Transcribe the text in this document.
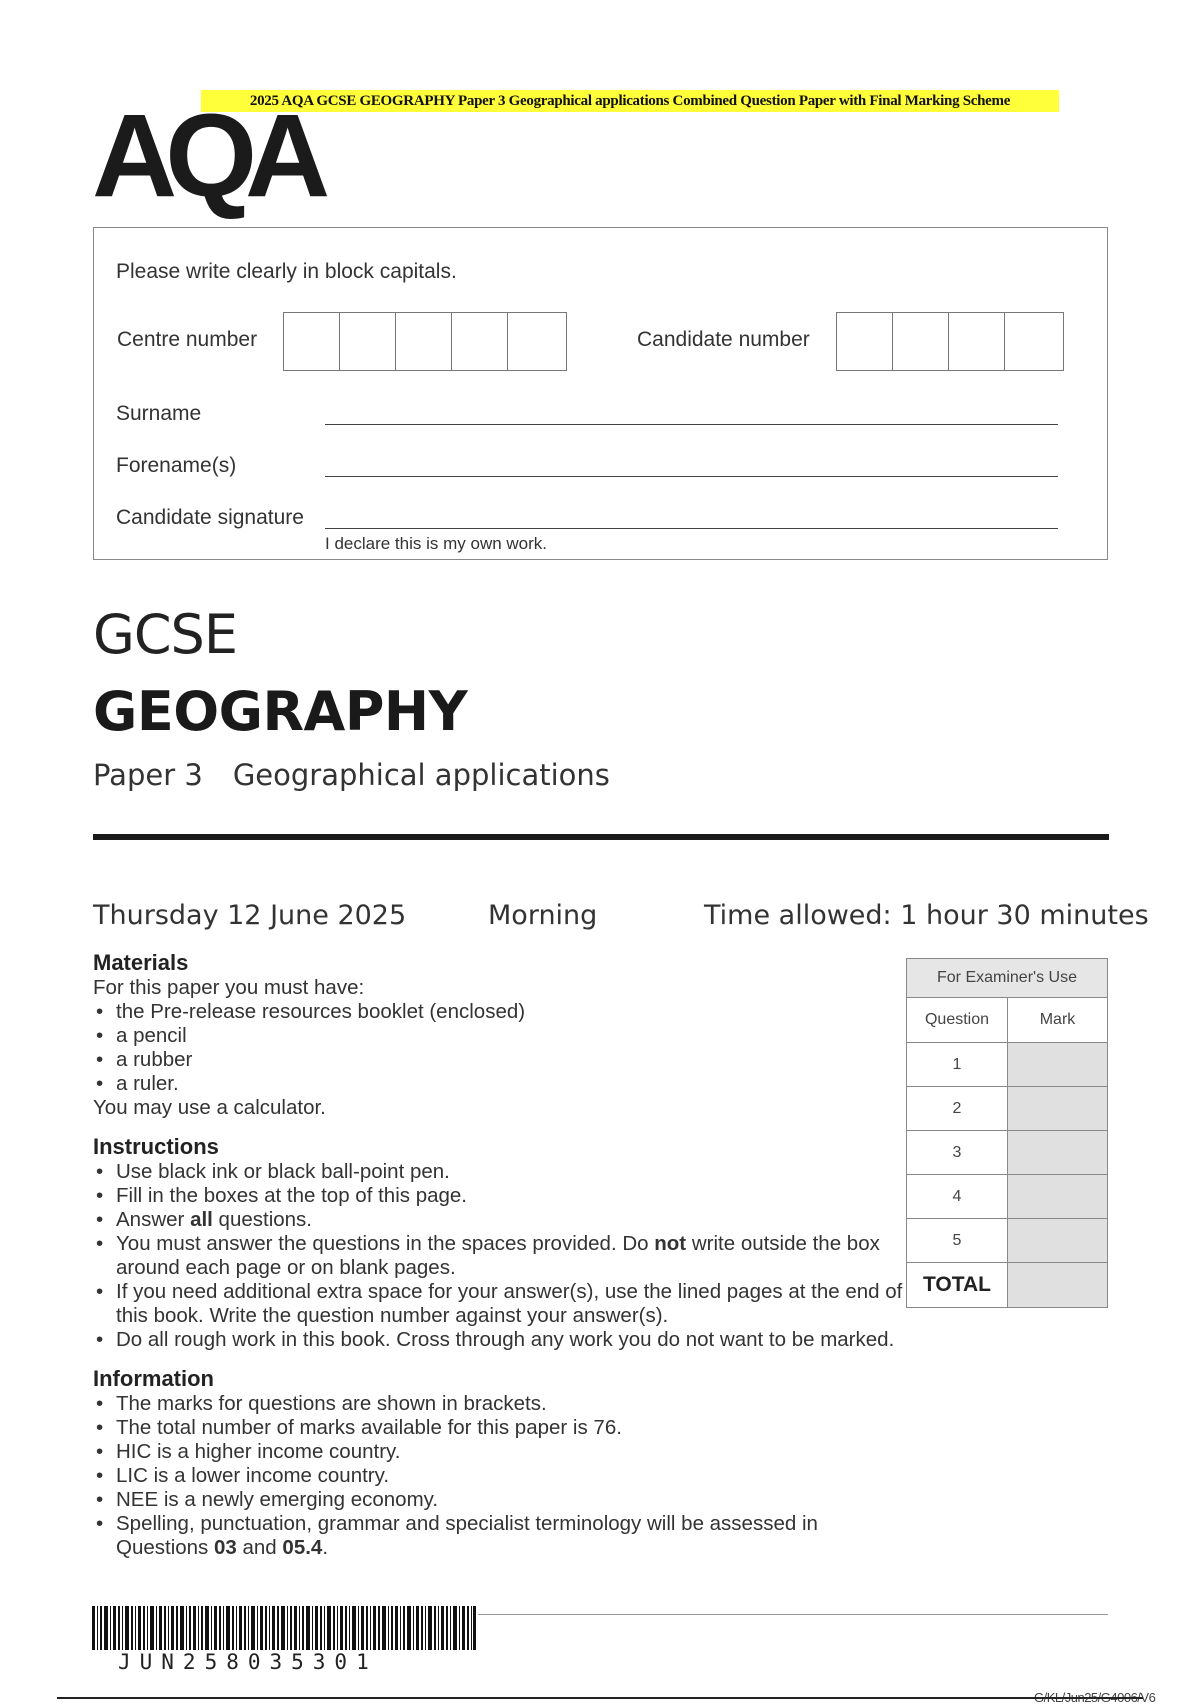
2025 AQA GCSE GEOGRAPHY Paper 3 Geographical applications Combined Question Paper with Final Marking Scheme
AQA
Please write clearly in block capitals.
Centre number	Candidate number
Surname
Forename(s)
Candidate signature
I declare this is my own work.
GCSE
GEOGRAPHY
Paper 3 Geographical applications
Thursday 12 June 2025	Morning	Time allowed: 1 hour 30 minutes
Materials

For this paper you must have:

• the Pre-release resources booklet (enclosed)
• a pencil
• a rubber
• a ruler.

You may use a calculator.

Instructions
• Use black ink or black ball-point pen.
• Fill in the boxes at the top of this page.
• Answer all questions.
• You must answer the questions in the spaces provided. Do not write outside the box around each page or on blank pages.
• If you need additional extra space for your answer(s), use the lined pages at the end of this book. Write the question number against your answer(s).
• Do all rough work in this book. Cross through any work you do not want to be marked.
Information
• The marks for questions are shown in brackets.
• The total number of marks available for this paper is 76.
• HIC is a higher income country.
• LIC is a lower income country.
• NEE is a newly emerging economy.
• Spelling, punctuation, grammar and specialist terminology will be assessed in Questions 03 and 05.4.
For Examiner's Use	
Question	Mark
1	
2	
3	
4	
5	
TOTAL	
JUN258035301
G/KL/Jun25/G4006/V6
